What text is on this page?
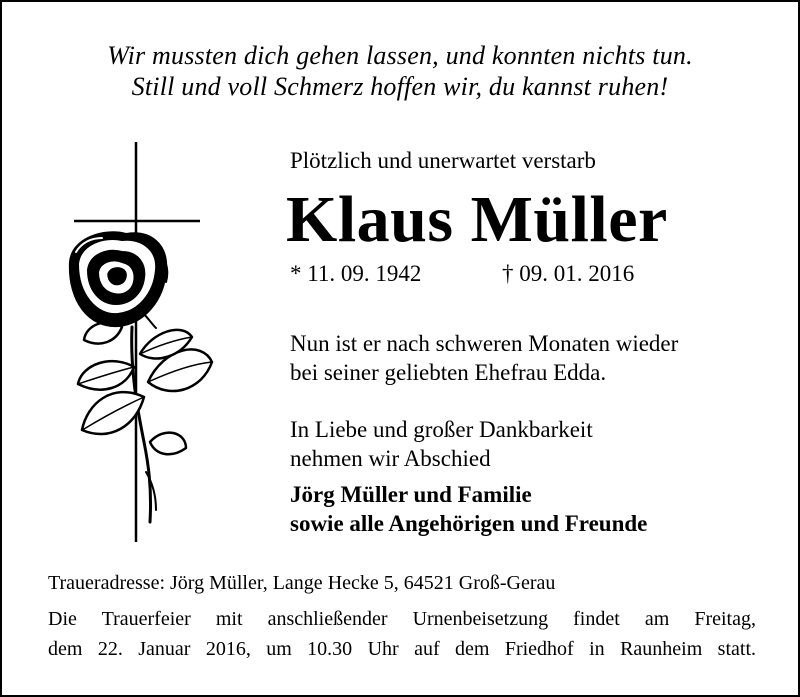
Wir mussten dich gehen lassen, und konnten nichts tun.
Still und voll Schmerz hoffen wir, du kannst ruhen!
Plötzlich und unerwartet verstarb
Klaus Müller
* 11. 09. 1942	† 09. 01. 2016
Nun ist er nach schweren Monaten wieder
bei seiner geliebten Ehefrau Edda.
In Liebe und großer Dankbarkeit
nehmen wir Abschied
Jörg Müller und Familie
sowie alle Angehörigen und Freunde
Traueradresse: Jörg Müller, Lange Hecke 5, 64521 Groß-Gerau
Die Trauerfeier mit anschließender Urnenbeisetzung findet am Freitag,
dem 22. Januar 2016, um 10.30 Uhr auf dem Friedhof in Raunheim statt.
